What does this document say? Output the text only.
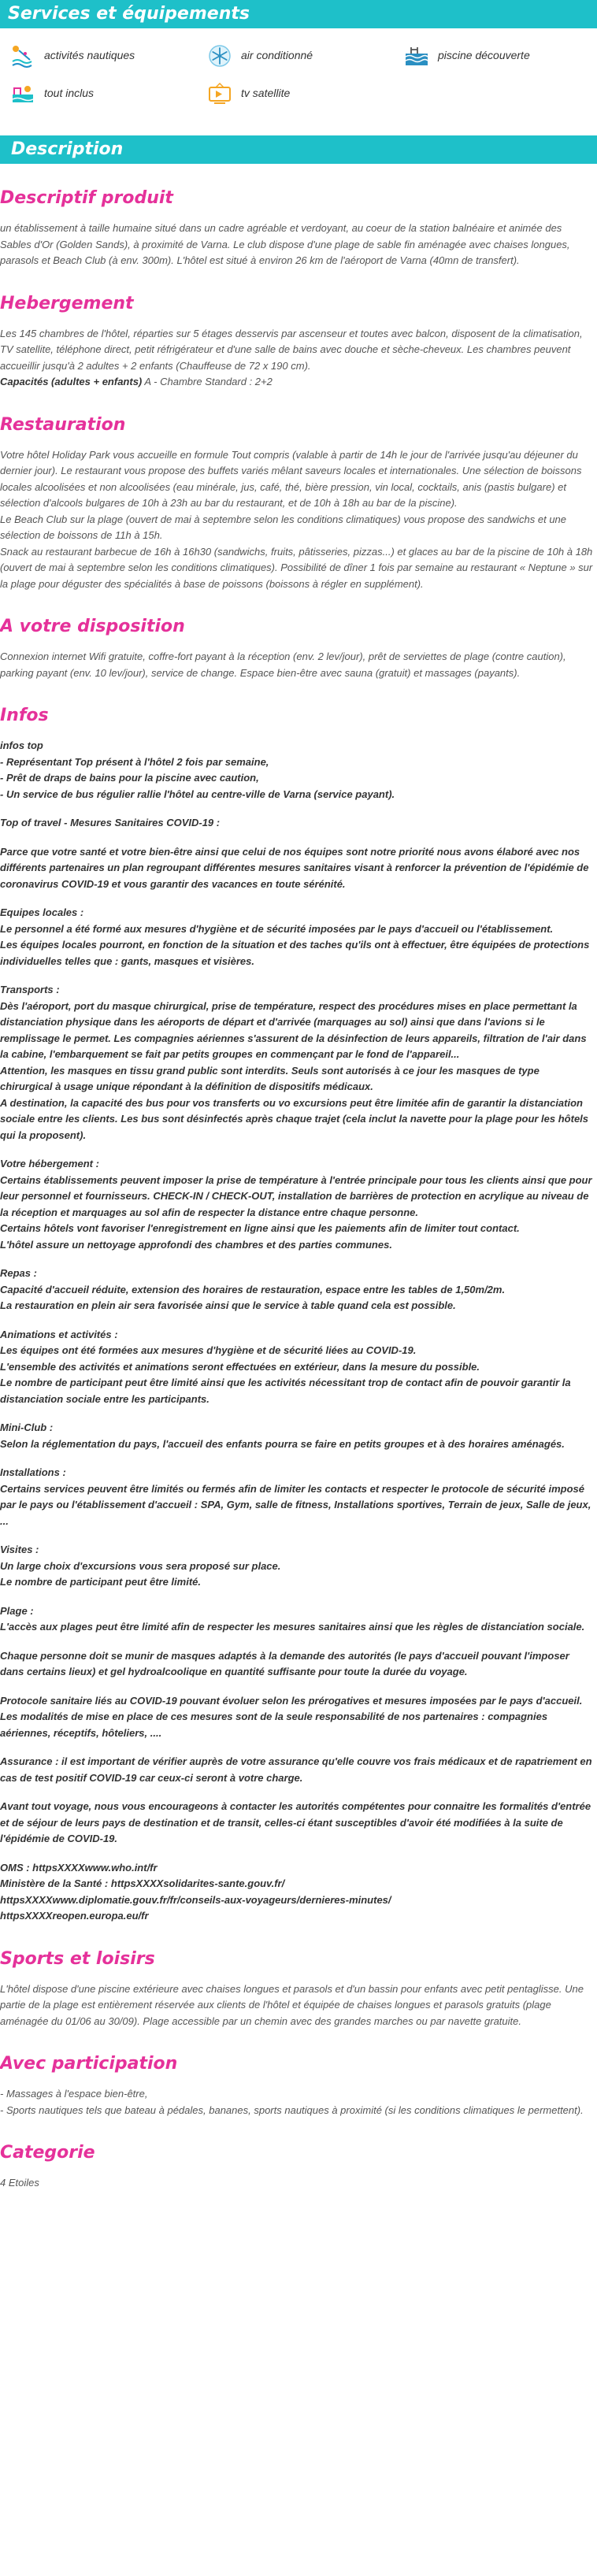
Services et équipements
activités nautiques	air conditionné	piscine découverte
tout inclus	tv satellite
Description
Descriptif produit

un établissement à taille humaine situé dans un cadre agréable et verdoyant, au coeur de la station balnéaire et animée des Sables d'Or (Golden Sands), à proximité de Varna. Le club dispose d'une plage de sable fin aménagée avec chaises longues, parasols et Beach Club (à env. 300m). L'hôtel est situé à environ 26 km de l'aéroport de Varna (40mn de transfert).

Hebergement

Les 145 chambres de l'hôtel, réparties sur 5 étages desservis par ascenseur et toutes avec balcon, disposent de la climatisation, TV satellite, téléphone direct, petit réfrigérateur et d'une salle de bains avec douche et sèche-cheveux. Les chambres peuvent accueillir jusqu'à 2 adultes + 2 enfants (Chauffeuse de 72 x 190 cm).

Capacités (adultes + enfants) A - Chambre Standard : 2+2

Restauration

Votre hôtel Holiday Park vous accueille en formule Tout compris (valable à partir de 14h le jour de l'arrivée jusqu'au déjeuner du dernier jour). Le restaurant vous propose des buffets variés mêlant saveurs locales et internationales. Une sélection de boissons locales alcoolisées et non alcoolisées (eau minérale, jus, café, thé, bière pression, vin local, cocktails, anis (pastis bulgare) et sélection d'alcools bulgares de 10h à 23h au bar du restaurant, et de 10h à 18h au bar de la piscine).

Le Beach Club sur la plage (ouvert de mai à septembre selon les conditions climatiques) vous propose des sandwichs et une sélection de boissons de 11h à 15h.

Snack au restaurant barbecue de 16h à 16h30 (sandwichs, fruits, pâtisseries, pizzas...) et glaces au bar de la piscine de 10h à 18h (ouvert de mai à septembre selon les conditions climatiques). Possibilité de dîner 1 fois par semaine au restaurant « Neptune » sur la plage pour déguster des spécialités à base de poissons (boissons à régler en supplément).

A votre disposition

Connexion internet Wifi gratuite, coffre-fort payant à la réception (env. 2 lev/jour), prêt de serviettes de plage (contre caution), parking payant (env. 10 lev/jour), service de change. Espace bien-être avec sauna (gratuit) et massages (payants).

Infos

infos top

- Représentant Top présent à l'hôtel 2 fois par semaine,

- Prêt de draps de bains pour la piscine avec caution,

- Un service de bus régulier rallie l'hôtel au centre-ville de Varna (service payant).

Top of travel - Mesures Sanitaires COVID-19 :

Parce que votre santé et votre bien-être ainsi que celui de nos équipes sont notre priorité nous avons élaboré avec nos différents partenaires un plan regroupant différentes mesures sanitaires visant à renforcer la prévention de l'épidémie de coronavirus COVID-19 et vous garantir des vacances en toute sérénité.

Equipes locales :

Le personnel a été formé aux mesures d'hygiène et de sécurité imposées par le pays d'accueil ou l'établissement.

Les équipes locales pourront, en fonction de la situation et des taches qu'ils ont à effectuer, être équipées de protections individuelles telles que : gants, masques et visières.

Transports :

Dès l'aéroport, port du masque chirurgical, prise de température, respect des procédures mises en place permettant la distanciation physique dans les aéroports de départ et d'arrivée (marquages au sol) ainsi que dans l'avions si le remplissage le permet. Les compagnies aériennes s'assurent de la désinfection de leurs appareils, filtration de l'air dans la cabine, l'embarquement se fait par petits groupes en commençant par le fond de l'appareil...

Attention, les masques en tissu grand public sont interdits. Seuls sont autorisés à ce jour les masques de type chirurgical à usage unique répondant à la définition de dispositifs médicaux.

A destination, la capacité des bus pour vos transferts ou vo excursions peut être limitée afin de garantir la distanciation sociale entre les clients. Les bus sont désinfectés après chaque trajet (cela inclut la navette pour la plage pour les hôtels qui la proposent).

Votre hébergement :

Certains établissements peuvent imposer la prise de température à l'entrée principale pour tous les clients ainsi que pour leur personnel et fournisseurs. CHECK-IN / CHECK-OUT, installation de barrières de protection en acrylique au niveau de la réception et marquages au sol afin de respecter la distance entre chaque personne.

Certains hôtels vont favoriser l'enregistrement en ligne ainsi que les paiements afin de limiter tout contact.

L'hôtel assure un nettoyage approfondi des chambres et des parties communes.

Repas :

Capacité d'accueil réduite, extension des horaires de restauration, espace entre les tables de 1,50m/2m.

La restauration en plein air sera favorisée ainsi que le service à table quand cela est possible.

Animations et activités :

Les équipes ont été formées aux mesures d'hygiène et de sécurité liées au COVID-19.

L'ensemble des activités et animations seront effectuées en extérieur, dans la mesure du possible.

Le nombre de participant peut être limité ainsi que les activités nécessitant trop de contact afin de pouvoir garantir la distanciation sociale entre les participants.

Mini-Club :

Selon la réglementation du pays, l'accueil des enfants pourra se faire en petits groupes et à des horaires aménagés.

Installations :

Certains services peuvent être limités ou fermés afin de limiter les contacts et respecter le protocole de sécurité imposé par le pays ou l'établissement d'accueil : SPA, Gym, salle de fitness, Installations sportives, Terrain de jeux, Salle de jeux, ...

Visites :

Un large choix d'excursions vous sera proposé sur place.

Le nombre de participant peut être limité.

Plage :

L'accès aux plages peut être limité afin de respecter les mesures sanitaires ainsi que les règles de distanciation sociale.

Chaque personne doit se munir de masques adaptés à la demande des autorités (le pays d'accueil pouvant l'imposer dans certains lieux) et gel hydroalcoolique en quantité suffisante pour toute la durée du voyage.

Protocole sanitaire liés au COVID-19 pouvant évoluer selon les prérogatives et mesures imposées par le pays d'accueil. Les modalités de mise en place de ces mesures sont de la seule responsabilité de nos partenaires : compagnies aériennes, réceptifs, hôteliers, ....

Assurance : il est important de vérifier auprès de votre assurance qu'elle couvre vos frais médicaux et de rapatriement en cas de test positif COVID-19 car ceux-ci seront à votre charge.

Avant tout voyage, nous vous encourageons à contacter les autorités compétentes pour connaitre les formalités d'entrée et de séjour de leurs pays de destination et de transit, celles-ci étant susceptibles d'avoir été modifiées à la suite de l'épidémie de COVID-19.

OMS : httpsXXXXwww.who.int/fr

Ministère de la Santé : httpsXXXXsolidarites-sante.gouv.fr/

httpsXXXXwww.diplomatie.gouv.fr/fr/conseils-aux-voyageurs/dernieres-minutes/

httpsXXXXreopen.europa.eu/fr

Sports et loisirs

L'hôtel dispose d'une piscine extérieure avec chaises longues et parasols et d'un bassin pour enfants avec petit pentaglisse. Une partie de la plage est entièrement réservée aux clients de l'hôtel et équipée de chaises longues et parasols gratuits (plage aménagée du 01/06 au 30/09). Plage accessible par un chemin avec des grandes marches ou par navette gratuite.

Avec participation

- Massages à l'espace bien-être,

- Sports nautiques tels que bateau à pédales, bananes, sports nautiques à proximité (si les conditions climatiques le permettent).

Categorie

4 Etoiles
